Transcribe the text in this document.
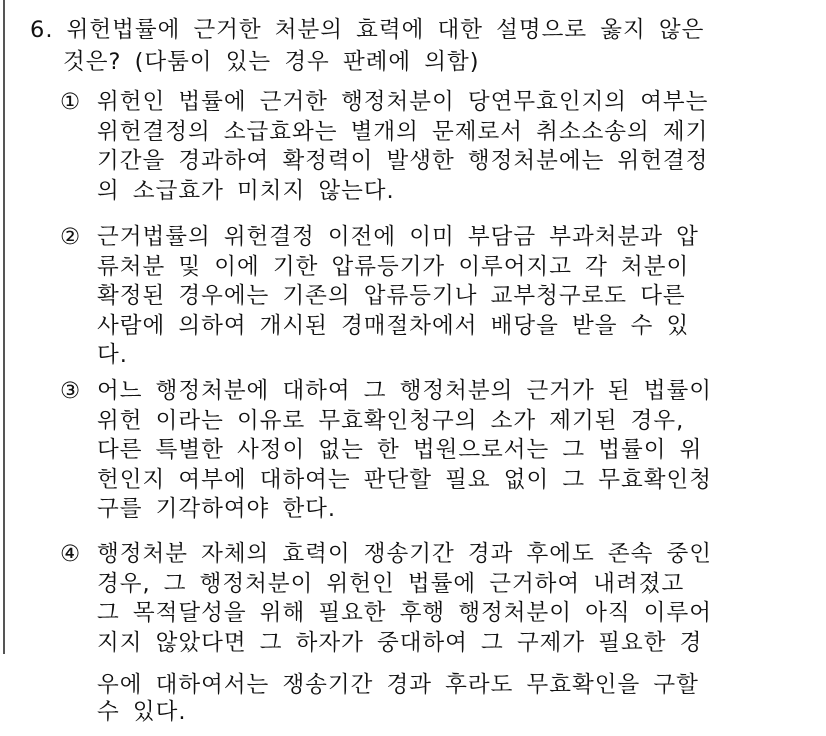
6. 위헌법률에 근거한 처분의 효력에 대한 설명으로 옳지 않은
것은? (다툼이 있는 경우 판례에 의함)
① 위헌인 법률에 근거한 행정처분이 당연무효인지의 여부는
위헌결정의 소급효와는 별개의 문제로서 취소소송의 제기
기간을 경과하여 확정력이 발생한 행정처분에는 위헌결정
의 소급효가 미치지 않는다.
② 근거법률의 위헌결정 이전에 이미 부담금 부과처분과 압
류처분 및 이에 기한 압류등기가 이루어지고 각 처분이
확정된 경우에는 기존의 압류등기나 교부청구로도 다른
사람에 의하여 개시된 경매절차에서 배당을 받을 수 있
다.
③ 어느 행정처분에 대하여 그 행정처분의 근거가 된 법률이
위헌 이라는 이유로 무효확인청구의 소가 제기된 경우,
다른 특별한 사정이 없는 한 법원으로서는 그 법률이 위
헌인지 여부에 대하여는 판단할 필요 없이 그 무효확인청
구를 기각하여야 한다.
④ 행정처분 자체의 효력이 쟁송기간 경과 후에도 존속 중인
경우, 그 행정처분이 위헌인 법률에 근거하여 내려졌고
그 목적달성을 위해 필요한 후행 행정처분이 아직 이루어
지지 않았다면 그 하자가 중대하여 그 구제가 필요한 경
우에 대하여서는 쟁송기간 경과 후라도 무효확인을 구할
수 있다.
